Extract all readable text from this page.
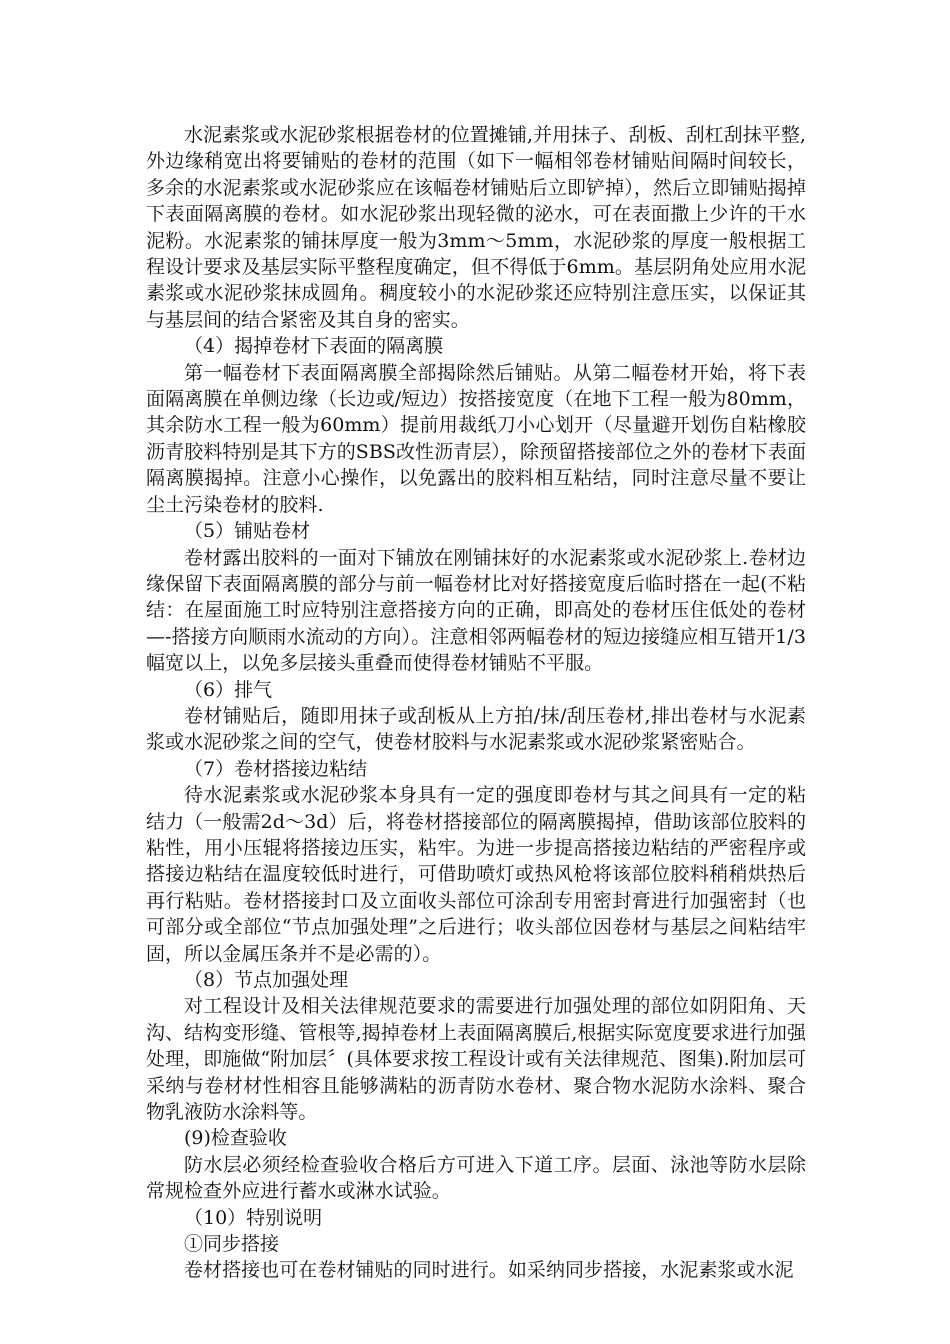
水泥素浆或水泥砂浆根据卷材的位置摊铺,并用抹子、刮板、刮杠刮抹平整,外边缘稍宽出将要铺贴的卷材的范围（如下一幅相邻卷材铺贴间隔时间较长，多余的水泥素浆或水泥砂浆应在该幅卷材铺贴后立即铲掉），然后立即铺贴揭掉下表面隔离膜的卷材。如水泥砂浆出现轻微的泌水，可在表面撒上少许的干水泥粉。水泥素浆的铺抹厚度一般为3mm～5mm，水泥砂浆的厚度一般根据工程设计要求及基层实际平整程度确定，但不得低于6mm。基层阴角处应用水泥素浆或水泥砂浆抹成圆角。稠度较小的水泥砂浆还应特别注意压实，以保证其与基层间的结合紧密及其自身的密实。

（4）揭掉卷材下表面的隔离膜

第一幅卷材下表面隔离膜全部揭除然后铺贴。从第二幅卷材开始，将下表面隔离膜在单侧边缘（长边或/短边）按搭接宽度（在地下工程一般为80mm，其余防水工程一般为60mm）提前用裁纸刀小心划开（尽量避开划伤自粘橡胶沥青胶料特别是其下方的SBS改性沥青层），除预留搭接部位之外的卷材下表面隔离膜揭掉。注意小心操作，以免露出的胶料相互粘结，同时注意尽量不要让尘土污染卷材的胶料.

（5）铺贴卷材

卷材露出胶料的一面对下铺放在刚铺抹好的水泥素浆或水泥砂浆上.卷材边缘保留下表面隔离膜的部分与前一幅卷材比对好搭接宽度后临时搭在一起(不粘结：在屋面施工时应特别注意搭接方向的正确，即高处的卷材压住低处的卷材—-搭接方向顺雨水流动的方向）。注意相邻两幅卷材的短边接缝应相互错开1/3幅宽以上，以免多层接头重叠而使得卷材铺贴不平服。

（6）排气

卷材铺贴后，随即用抹子或刮板从上方拍/抹/刮压卷材,排出卷材与水泥素浆或水泥砂浆之间的空气，使卷材胶料与水泥素浆或水泥砂浆紧密贴合。

（7）卷材搭接边粘结

待水泥素浆或水泥砂浆本身具有一定的强度即卷材与其之间具有一定的粘结力（一般需2d～3d）后，将卷材搭接部位的隔离膜揭掉，借助该部位胶料的粘性，用小压辊将搭接边压实，粘牢。为进一步提高搭接边粘结的严密程序或搭接边粘结在温度较低时进行，可借助喷灯或热风枪将该部位胶料稍稍烘热后再行粘贴。卷材搭接封口及立面收头部位可涂刮专用密封膏进行加强密封（也可部分或全部位“节点加强处理”之后进行；收头部位因卷材与基层之间粘结牢固，所以金属压条并不是必需的）。

（8）节点加强处理

对工程设计及相关法律规范要求的需要进行加强处理的部位如阴阳角、天沟、结构变形缝、管根等,揭掉卷材上表面隔离膜后,根据实际宽度要求进行加强处理，即施做“附加层〞(具体要求按工程设计或有关法律规范、图集).附加层可采纳与卷材材性相容且能够满粘的沥青防水卷材、聚合物水泥防水涂料、聚合物乳液防水涂料等。

(9)检查验收

防水层必须经检查验收合格后方可进入下道工序。层面、泳池等防水层除常规检查外应进行蓄水或淋水试验。

（10）特别说明

①同步搭接

卷材搭接也可在卷材铺贴的同时进行。如采纳同步搭接，水泥素浆或水泥
